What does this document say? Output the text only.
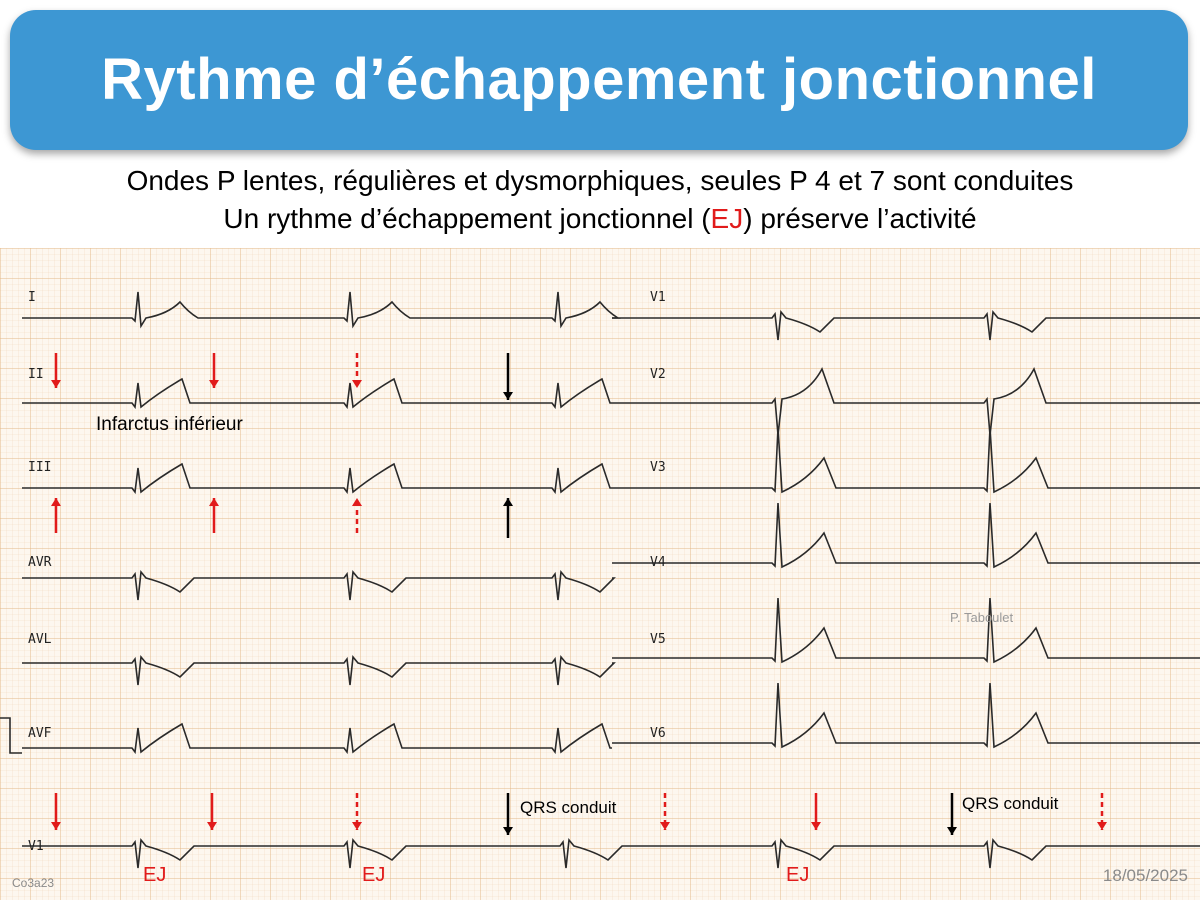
Rythme d’échappement jonctionnel
Ondes P lentes, régulières et dysmorphiques, seules P 4 et 7 sont conduites
Un rythme d’échappement jonctionnel (EJ) préserve l’activité
I
II
III
AVR
AVL
AVF
V1
V1
V2
V3
V4
V5
V6
Infarctus inférieur
QRS conduit	QRS conduit
EJ	EJ	EJ
P. Taboulet
Co3a23	18/05/2025
